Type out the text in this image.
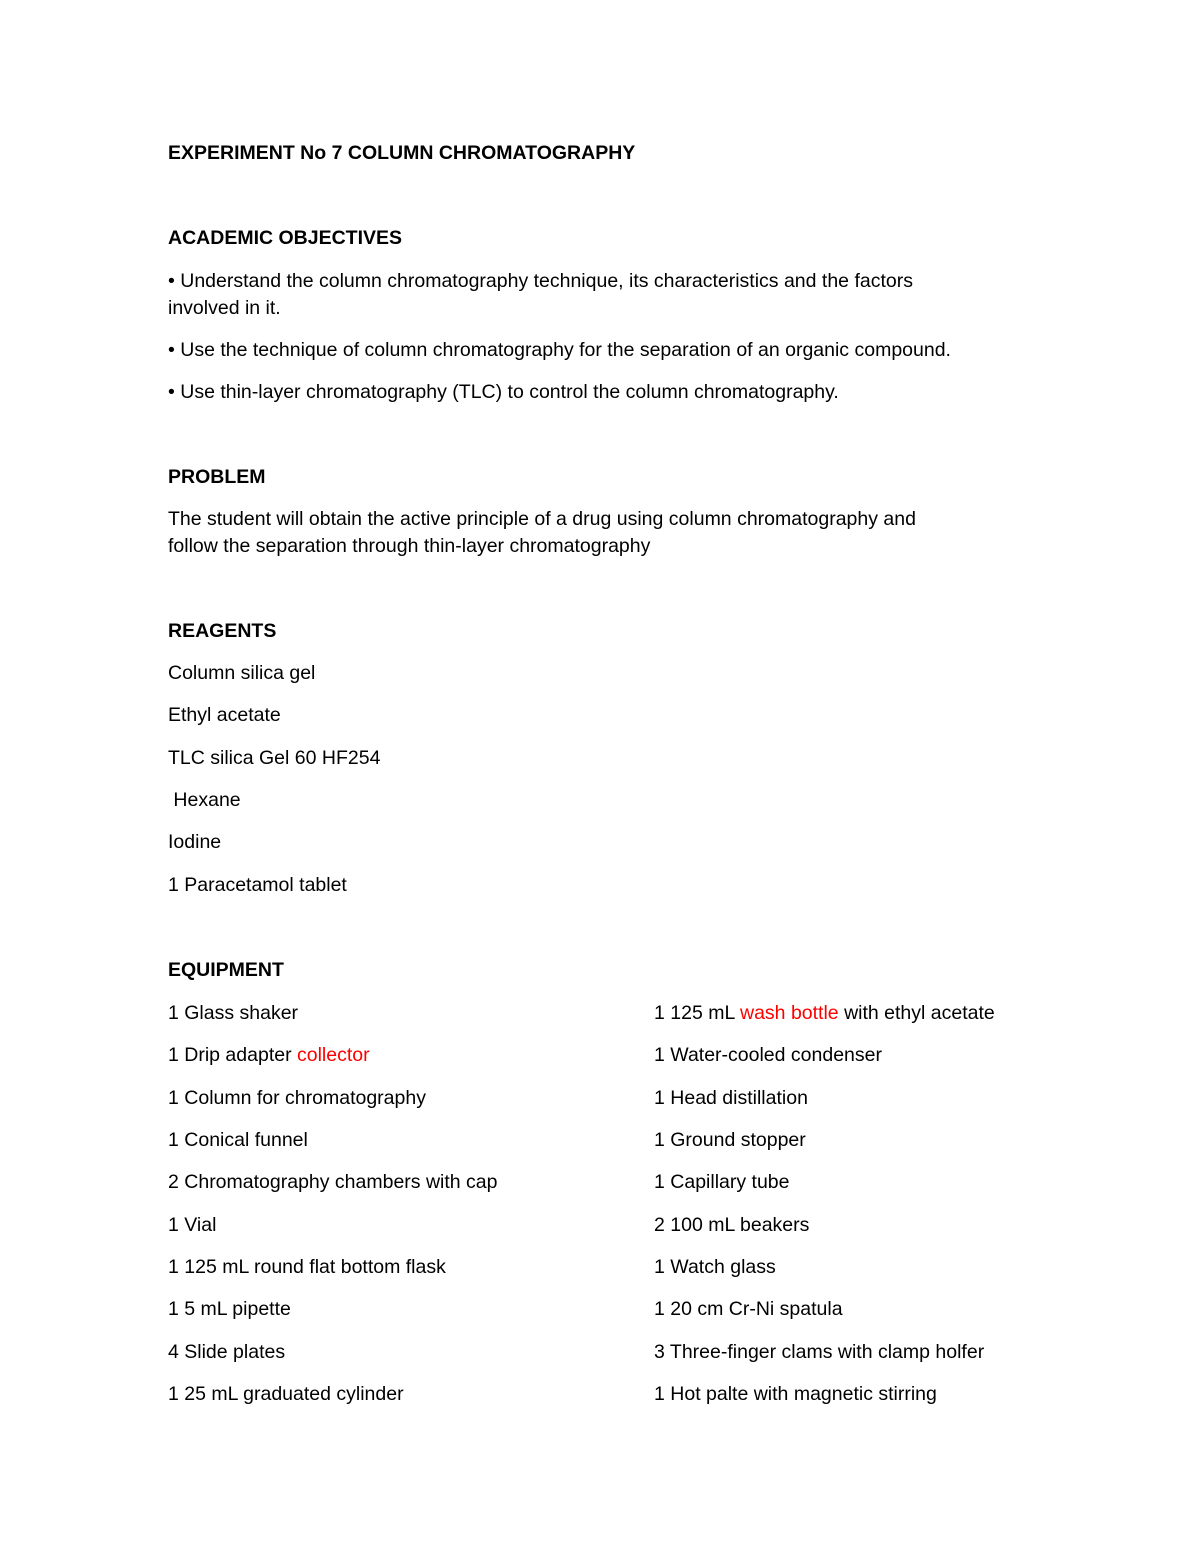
EXPERIMENT No 7 COLUMN CHROMATOGRAPHY
ACADEMIC OBJECTIVES
• Understand the column chromatography technique, its characteristics and the factors
involved in it.
• Use the technique of column chromatography for the separation of an organic compound.
• Use thin-layer chromatography (TLC) to control the column chromatography.
PROBLEM
The student will obtain the active principle of a drug using column chromatography and
follow the separation through thin-layer chromatography
REAGENTS
Column silica gel
Ethyl acetate
TLC silica Gel 60 HF254
Hexane
Iodine
1 Paracetamol tablet
EQUIPMENT
1 Glass shaker
1 Drip adapter collector
1 Column for chromatography
1 Conical funnel
2 Chromatography chambers with cap
1 Vial
1 125 mL round flat bottom flask
1 5 mL pipette
4 Slide plates
1 25 mL graduated cylinder
1 125 mL wash bottle with ethyl acetate
1 Water-cooled condenser
1 Head distillation
1 Ground stopper
1 Capillary tube
2 100 mL beakers
1 Watch glass
1 20 cm Cr-Ni spatula
3 Three-finger clams with clamp holfer
1 Hot palte with magnetic stirring
